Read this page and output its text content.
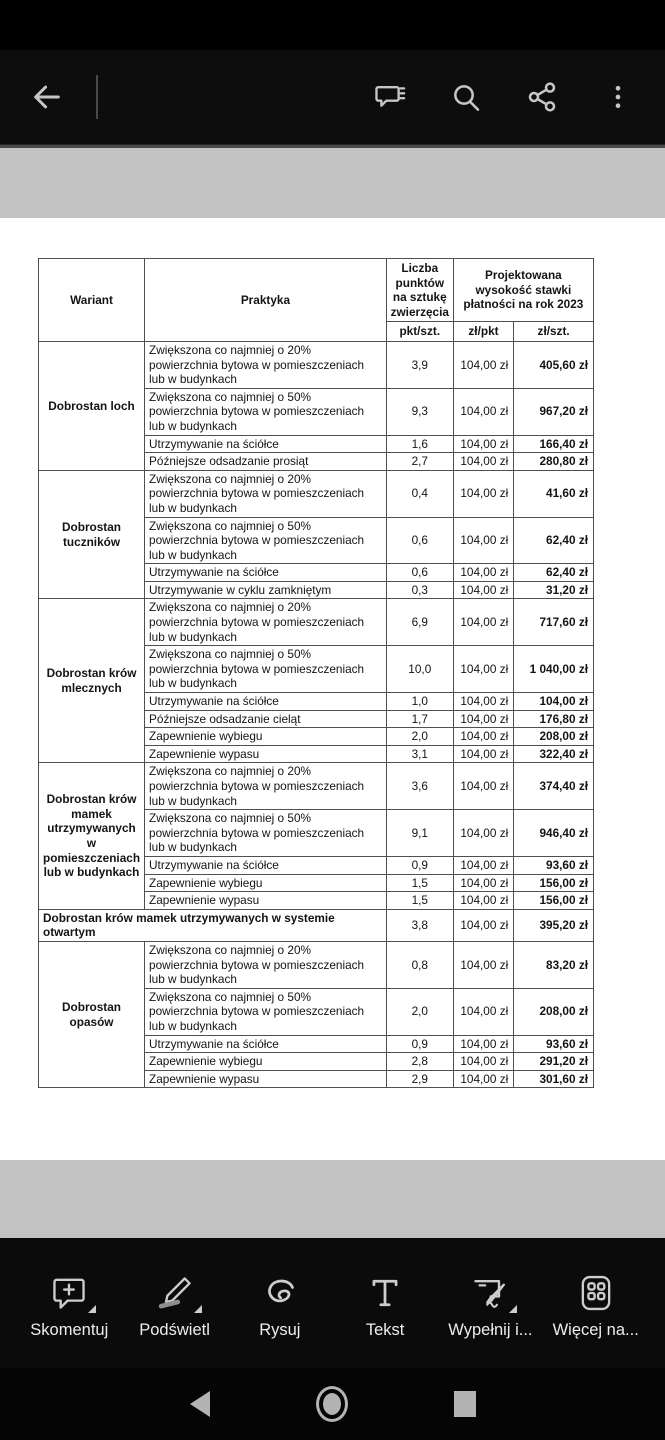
Wariant	Praktyka	Liczba punktów na sztukę zwierzęcia	Projektowana wysokość stawki płatności na rok 2023	
		pkt/szt.	zł/pkt	zł/szt.
Dobrostan loch	Zwiększona co najmniej o 20% powierzchnia bytowa w pomieszczeniach lub w budynkach	3,9	104,00 zł	405,60 zł
	Zwiększona co najmniej o 50% powierzchnia bytowa w pomieszczeniach lub w budynkach	9,3	104,00 zł	967,20 zł
	Utrzymywanie na ściółce	1,6	104,00 zł	166,40 zł
	Późniejsze odsadzanie prosiąt	2,7	104,00 zł	280,80 zł
Dobrostan tuczników	Zwiększona co najmniej o 20% powierzchnia bytowa w pomieszczeniach lub w budynkach	0,4	104,00 zł	41,60 zł
	Zwiększona co najmniej o 50% powierzchnia bytowa w pomieszczeniach lub w budynkach	0,6	104,00 zł	62,40 zł
	Utrzymywanie na ściółce	0,6	104,00 zł	62,40 zł
	Utrzymywanie w cyklu zamkniętym	0,3	104,00 zł	31,20 zł
Dobrostan krów mlecznych	Zwiększona co najmniej o 20% powierzchnia bytowa w pomieszczeniach lub w budynkach	6,9	104,00 zł	717,60 zł
	Zwiększona co najmniej o 50% powierzchnia bytowa w pomieszczeniach lub w budynkach	10,0	104,00 zł	1 040,00 zł
	Utrzymywanie na ściółce	1,0	104,00 zł	104,00 zł
	Późniejsze odsadzanie cieląt	1,7	104,00 zł	176,80 zł
	Zapewnienie wybiegu	2,0	104,00 zł	208,00 zł
	Zapewnienie wypasu	3,1	104,00 zł	322,40 zł
Dobrostan krów mamek utrzymywanych w pomieszczeniach lub w budynkach	Zwiększona co najmniej o 20% powierzchnia bytowa w pomieszczeniach lub w budynkach	3,6	104,00 zł	374,40 zł
	Zwiększona co najmniej o 50% powierzchnia bytowa w pomieszczeniach lub w budynkach	9,1	104,00 zł	946,40 zł
	Utrzymywanie na ściółce	0,9	104,00 zł	93,60 zł
	Zapewnienie wybiegu	1,5	104,00 zł	156,00 zł
	Zapewnienie wypasu	1,5	104,00 zł	156,00 zł
Dobrostan krów mamek utrzymywanych w systemie otwartym		3,8	104,00 zł	395,20 zł
Dobrostan opasów	Zwiększona co najmniej o 20% powierzchnia bytowa w pomieszczeniach lub w budynkach	0,8	104,00 zł	83,20 zł
	Zwiększona co najmniej o 50% powierzchnia bytowa w pomieszczeniach lub w budynkach	2,0	104,00 zł	208,00 zł
	Utrzymywanie na ściółce	0,9	104,00 zł	93,60 zł
	Zapewnienie wybiegu	2,8	104,00 zł	291,20 zł
	Zapewnienie wypasu	2,9	104,00 zł	301,60 zł
Skomentuj Podświetl	Rysuj	Tekst	Wypełnij i... Więcej na...
